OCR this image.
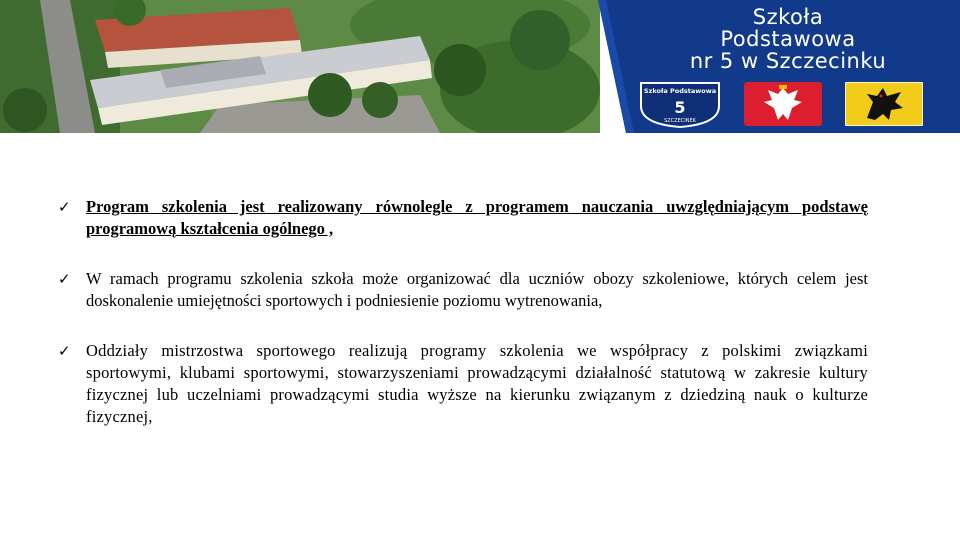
Szkoła
Podstawowa
nr 5 w Szczecinku
Szkoła Podstawowa
5
SZCZECINEK
✓ Program szkolenia jest realizowany równolegle z programem nauczania uwzględniającym podstawę programową kształcenia ogólnego ,
✓ W ramach programu szkolenia szkoła może organizować dla uczniów obozy szkoleniowe, których celem jest doskonalenie umiejętności sportowych i podniesienie poziomu wytrenowania,
✓ Oddziały mistrzostwa sportowego realizują programy szkolenia we współpracy z polskimi związkami sportowymi, klubami sportowymi, stowarzyszeniami prowadzącymi działalność statutową w zakresie kultury fizycznej lub uczelniami prowadzącymi studia wyższe na kierunku związanym z dziedziną nauk o kulturze fizycznej,
